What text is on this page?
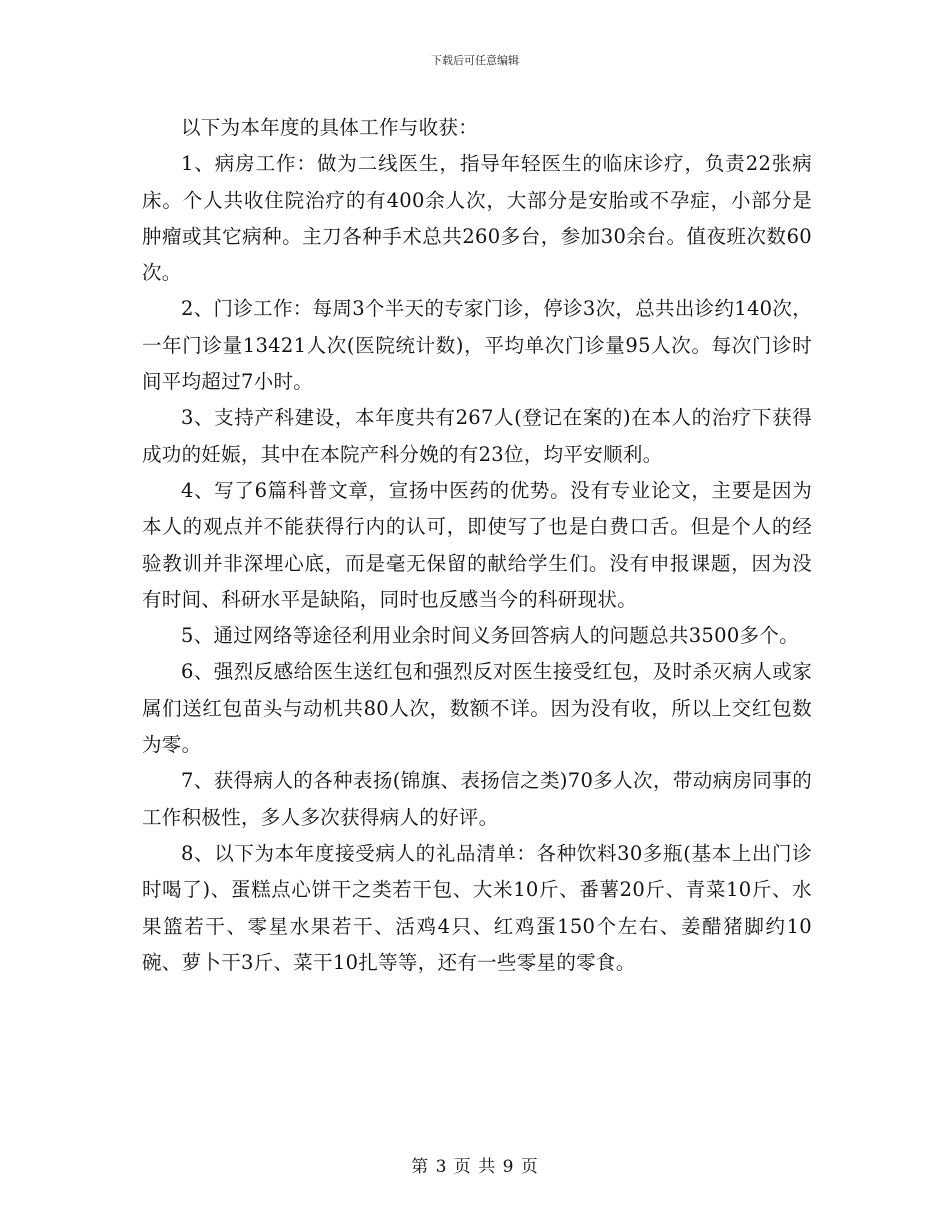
下载后可任意编辑

以下为本年度的具体工作与收获：

1、病房工作：做为二线医生，指导年轻医生的临床诊疗，负责22张病床。个人共收住院治疗的有400余人次，大部分是安胎或不孕症，小部分是肿瘤或其它病种。主刀各种手术总共260多台，参加30余台。值夜班次数60次。

2、门诊工作：每周3个半天的专家门诊，停诊3次，总共出诊约140次，一年门诊量13421人次(医院统计数)，平均单次门诊量95人次。每次门诊时间平均超过7小时。

3、支持产科建设，本年度共有267人(登记在案的)在本人的治疗下获得成功的妊娠，其中在本院产科分娩的有23位，均平安顺利。

4、写了6篇科普文章，宣扬中医药的优势。没有专业论文，主要是因为本人的观点并不能获得行内的认可，即使写了也是白费口舌。但是个人的经验教训并非深埋心底，而是毫无保留的献给学生们。没有申报课题，因为没有时间、科研水平是缺陷，同时也反感当今的科研现状。

5、通过网络等途径利用业余时间义务回答病人的问题总共3500多个。

6、强烈反感给医生送红包和强烈反对医生接受红包，及时杀灭病人或家属们送红包苗头与动机共80人次，数额不详。因为没有收，所以上交红包数为零。

7、获得病人的各种表扬(锦旗、表扬信之类)70多人次，带动病房同事的工作积极性，多人多次获得病人的好评。

8、以下为本年度接受病人的礼品清单：各种饮料30多瓶(基本上出门诊时喝了)、蛋糕点心饼干之类若干包、大米10斤、番薯20斤、青菜10斤、水果篮若干、零星水果若干、活鸡4只、红鸡蛋150个左右、姜醋猪脚约10碗、萝卜干3斤、菜干10扎等等，还有一些零星的零食。

第 3 页 共 9 页
